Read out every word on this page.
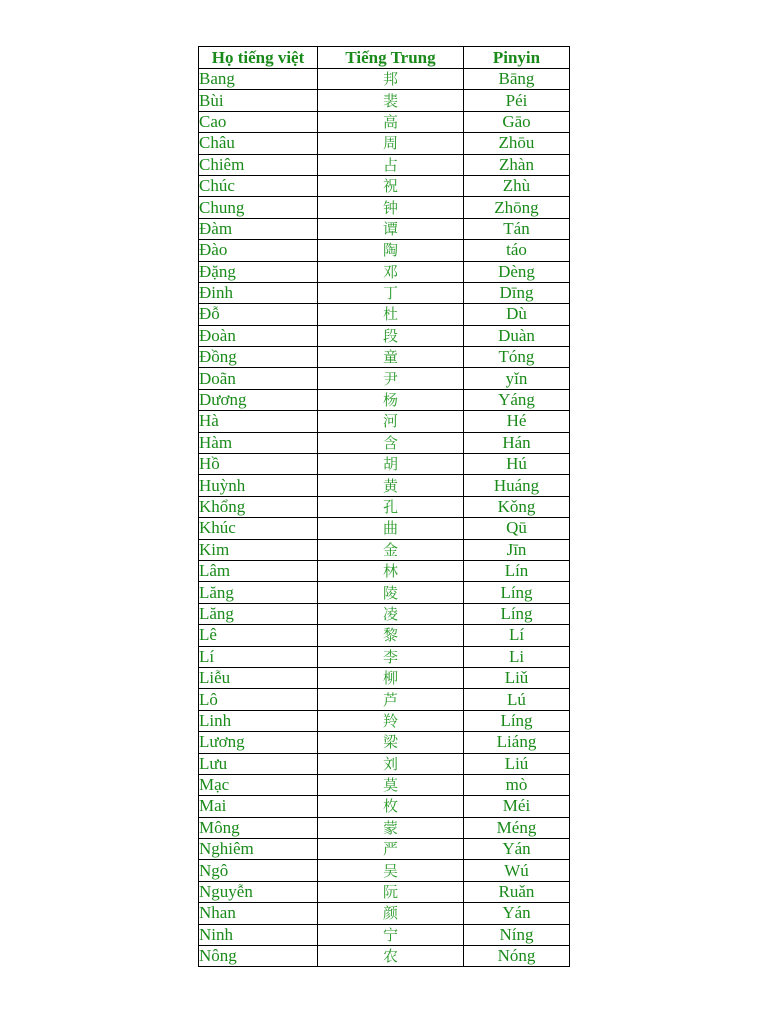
Họ tiếng việt	Tiếng Trung	Pinyin
Bang	邦	Bāng
Bùi	裴	Péi
Cao	高	Gāo
Châu	周	Zhōu
Chiêm	占	Zhàn
Chúc	祝	Zhù
Chung	钟	Zhōng
Đàm	谭	Tán
Đào	陶	táo
Đặng	邓	Dèng
Đinh	丁	Dīng
Đỗ	杜	Dù
Đoàn	段	Duàn
Đồng	童	Tóng
Doãn	尹	yǐn
Dương	杨	Yáng
Hà	河	Hé
Hàm	含	Hán
Hồ	胡	Hú
Huỳnh	黄	Huáng
Khổng	孔	Kǒng
Khúc	曲	Qū
Kim	金	Jīn
Lâm	林	Lín
Lăng	陵	Líng
Lăng	凌	Líng
Lê	黎	Lí
Lí	李	Li
Liễu	柳	Liǔ
Lô	芦	Lú
Linh	羚	Líng
Lương	梁	Liáng
Lưu	刘	Liú
Mạc	莫	mò
Mai	枚	Méi
Mông	蒙	Méng
Nghiêm	严	Yán
Ngô	吴	Wú
Nguyễn	阮	Ruǎn
Nhan	颜	Yán
Ninh	宁	Níng
Nông	农	Nóng
